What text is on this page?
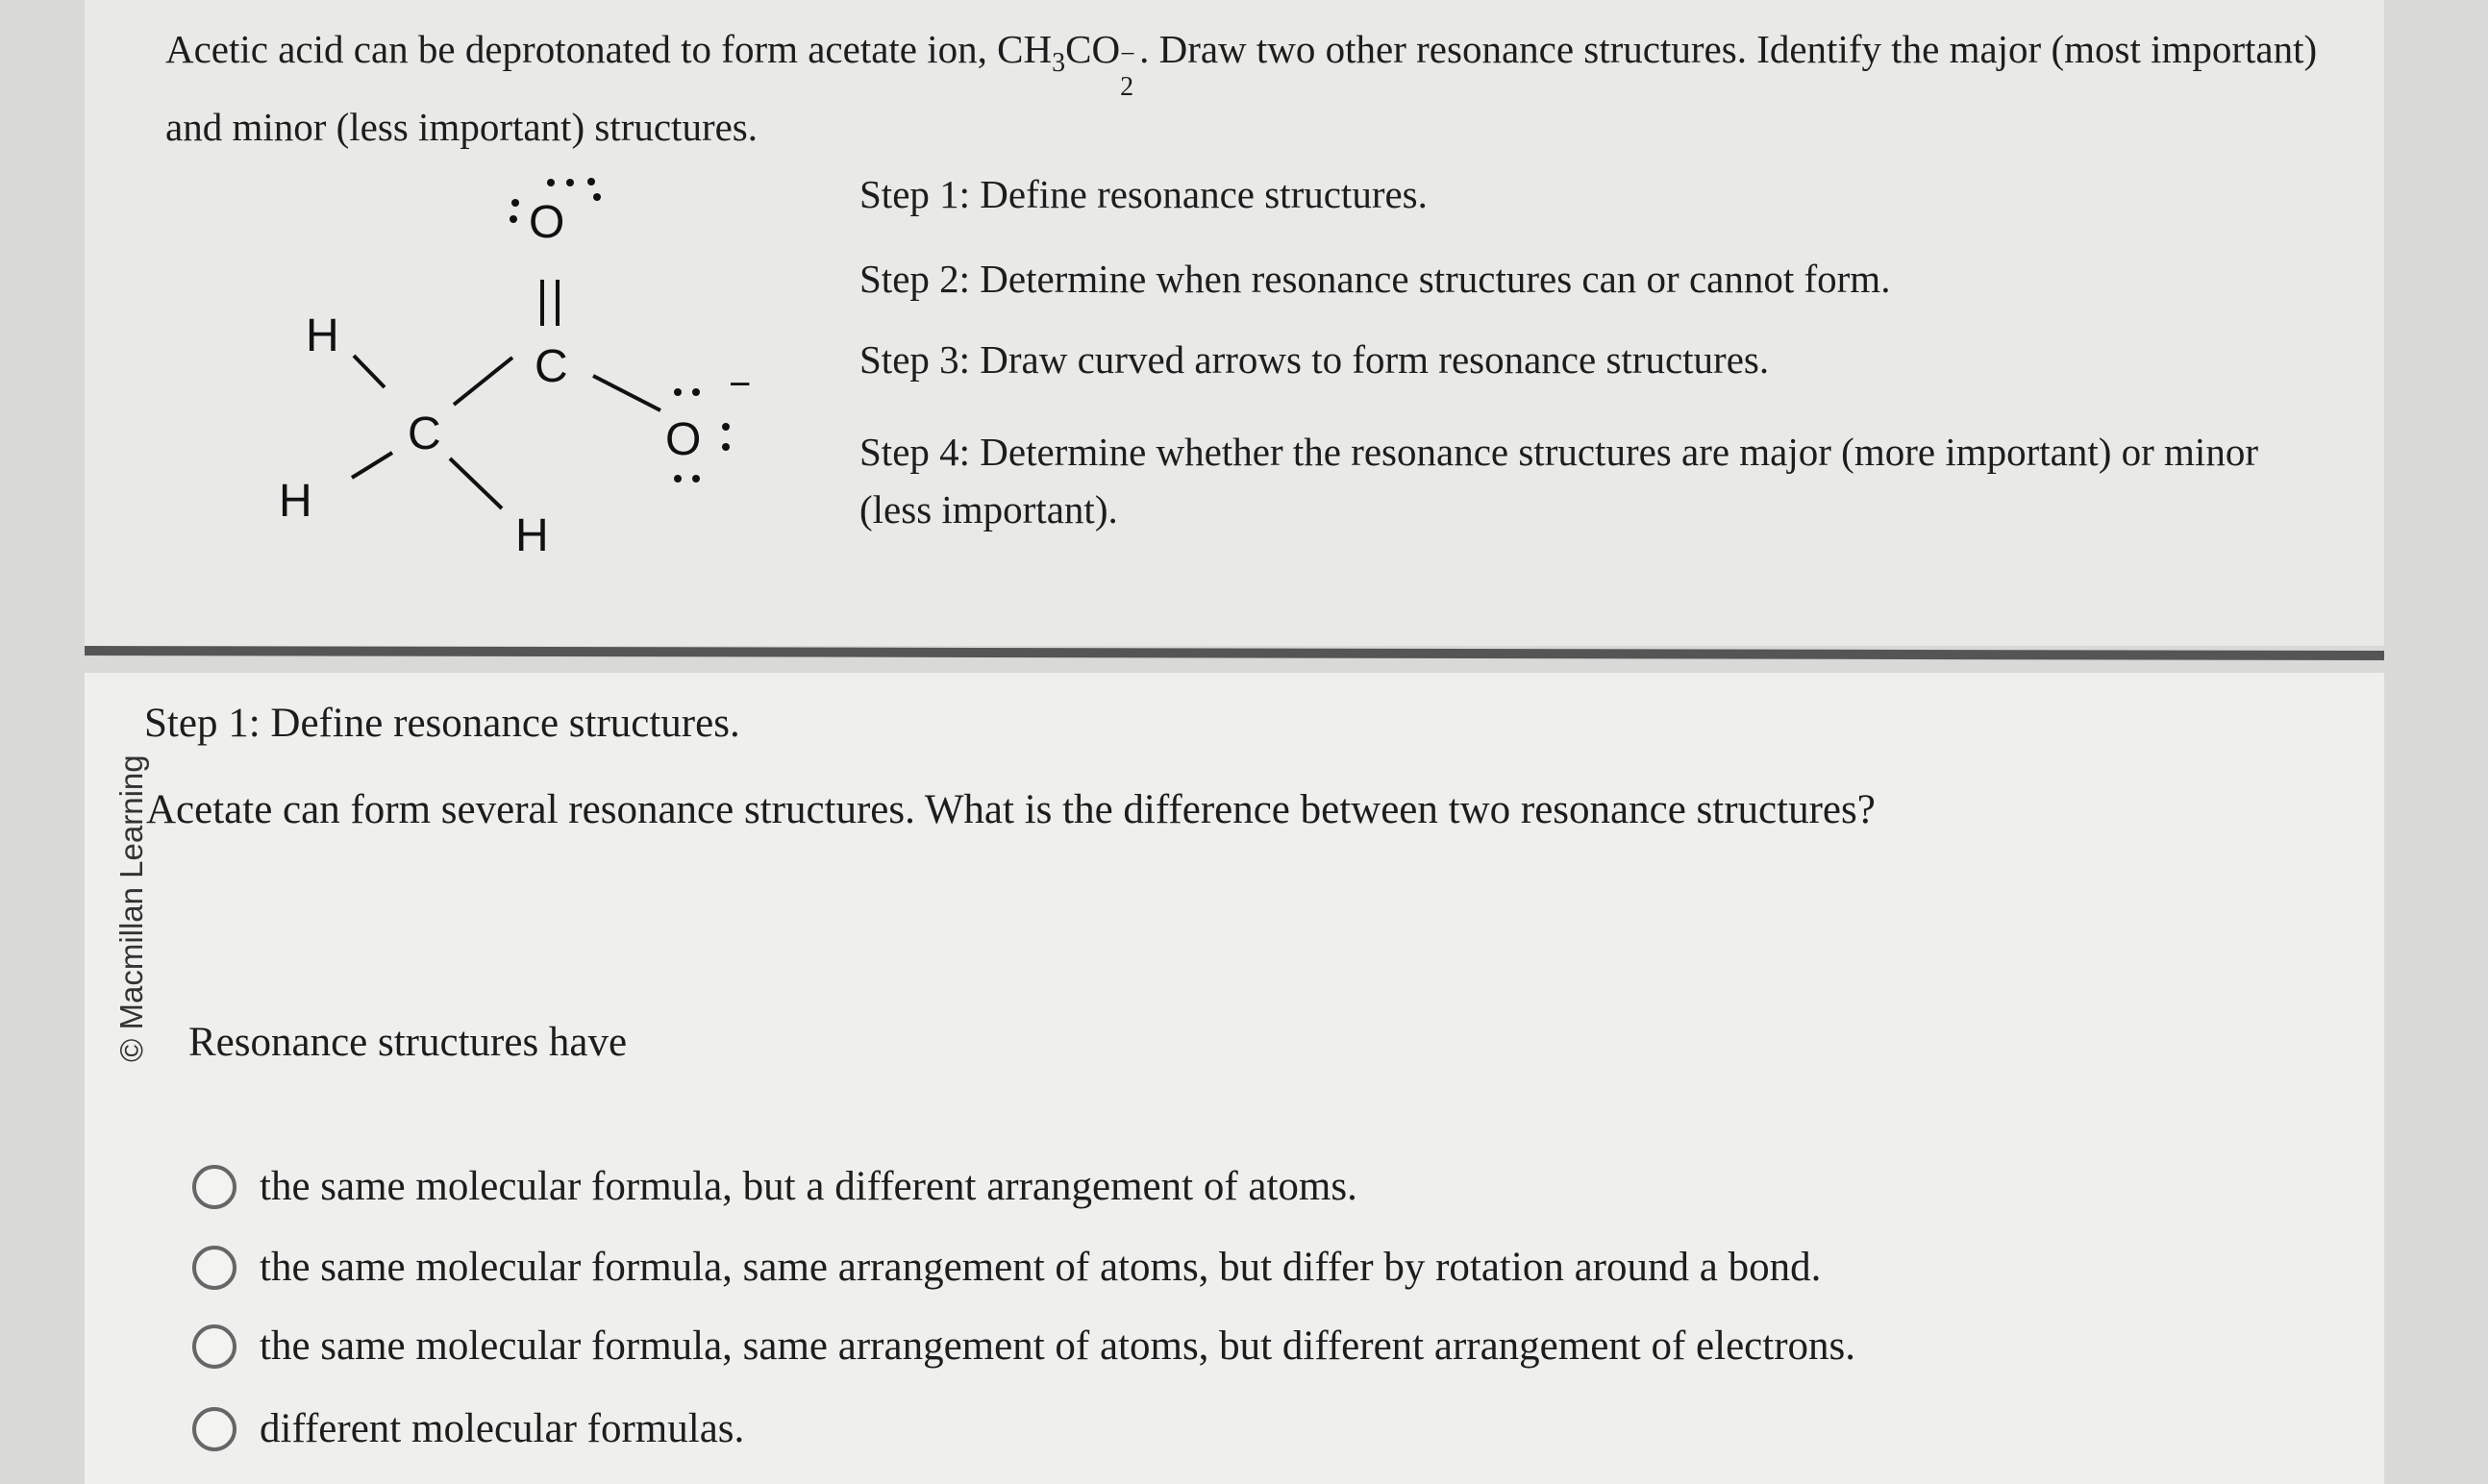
Acetic acid can be deprotonated to form acetate ion, $CH_3CO$ −
2
. Draw two other resonance structures. Identify the major (most important) and minor (less important) structures.
H
H
C
C
O
O
H
−
Step 1: Define resonance structures.
Step 2: Determine when resonance structures can or cannot form.
Step 3: Draw curved arrows to form resonance structures.
Step 4: Determine whether the resonance structures are major (more important) or minor (less important).
© Macmillan Learning
Step 1: Define resonance structures.
Acetate can form several resonance structures. What is the difference between two resonance structures?
Resonance structures have
the same molecular formula, but a different arrangement of atoms.
the same molecular formula, same arrangement of atoms, but differ by rotation around a bond.
the same molecular formula, same arrangement of atoms, but different arrangement of electrons.
different molecular formulas.
